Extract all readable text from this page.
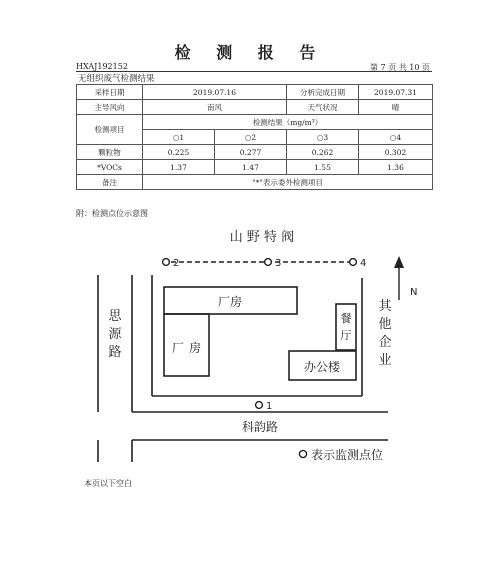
检 测 报 告
HXAJ192152	第 7 页 共 10 页
无组织废气检测结果
采样日期	2019.07.16		分析完成日期	2019.07.31
主导风向	南风		天气状况	晴
检测项目	检测结果（mg/m³）			
	○1	○2	○3	○4
颗粒物	0.225	0.277	0.262	0.302
*VOCs	1.37	1.47	1.55	1.36
备注	"*"表示委外检测项目			
附：检测点位示意图
山 野 特 阀
2	3	4
思
源
路
科韵路
1
厂房
厂 房
餐
厅
办公楼
其
他
企
业
N
表示监测点位
本页以下空白
